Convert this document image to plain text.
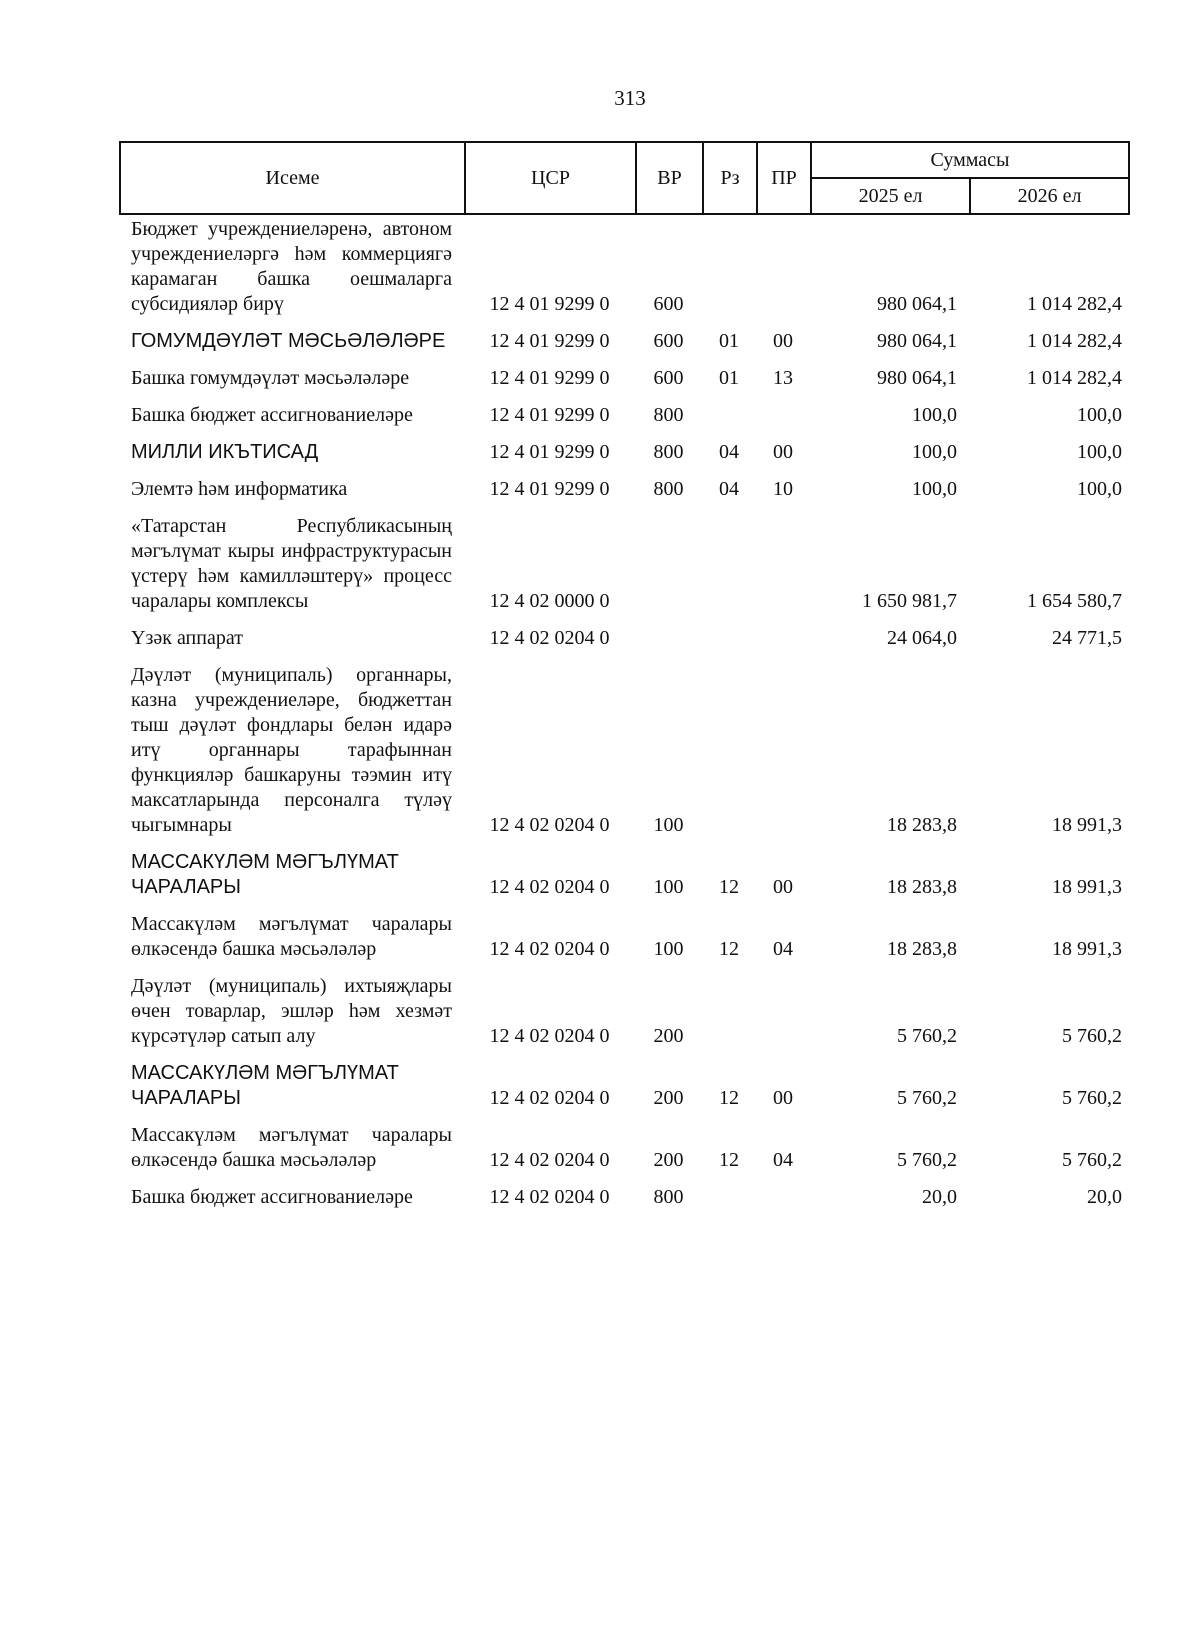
313
Исеме	ЦСР	ВР	Рз	ПР	Суммасы	
					2025 ел	2026 ел
Бюджет учреждениеләренә, автоном учреждениеләргә һәм коммерциягә карамаган башка оешмаларга субсидияләр бирү	12 4 01 9299 0	600			980 064,1	1 014 282,4
ГОМУМДӘҮЛӘТ МӘСЬӘЛӘЛӘРЕ	12 4 01 9299 0	600	01	00	980 064,1	1 014 282,4
Башка гомумдәүләт мәсьәләләре	12 4 01 9299 0	600	01	13	980 064,1	1 014 282,4
Башка бюджет ассигнованиеләре	12 4 01 9299 0	800			100,0	100,0
МИЛЛИ ИКЪТИСАД	12 4 01 9299 0	800	04	00	100,0	100,0
Элемтә һәм информатика	12 4 01 9299 0	800	04	10	100,0	100,0
«Татарстан Республикасының мәгълүмат кыры инфраструктурасын үстерү һәм камилләштерү» процесс чаралары комплексы	12 4 02 0000 0				1 650 981,7	1 654 580,7
Үзәк аппарат	12 4 02 0204 0				24 064,0	24 771,5
Дәүләт (муниципаль) органнары, казна учреждениеләре, бюджеттан тыш дәүләт фондлары белән идарә итү органнары тарафыннан функцияләр башкаруны тәэмин итү максатларында персоналга түләү чыгымнары	12 4 02 0204 0	100			18 283,8	18 991,3
МАССАКҮЛӘМ МӘГЪЛҮМАТ ЧАРАЛАРЫ	12 4 02 0204 0	100	12	00	18 283,8	18 991,3
Массакүләм мәгълүмат чаралары өлкәсендә башка мәсьәләләр	12 4 02 0204 0	100	12	04	18 283,8	18 991,3
Дәүләт (муниципаль) ихтыяҗлары өчен товарлар, эшләр һәм хезмәт күрсәтүләр сатып алу	12 4 02 0204 0	200			5 760,2	5 760,2
МАССАКҮЛӘМ МӘГЪЛҮМАТ ЧАРАЛАРЫ	12 4 02 0204 0	200	12	00	5 760,2	5 760,2
Массакүләм мәгълүмат чаралары өлкәсендә башка мәсьәләләр	12 4 02 0204 0	200	12	04	5 760,2	5 760,2
Башка бюджет ассигнованиеләре	12 4 02 0204 0	800			20,0	20,0
